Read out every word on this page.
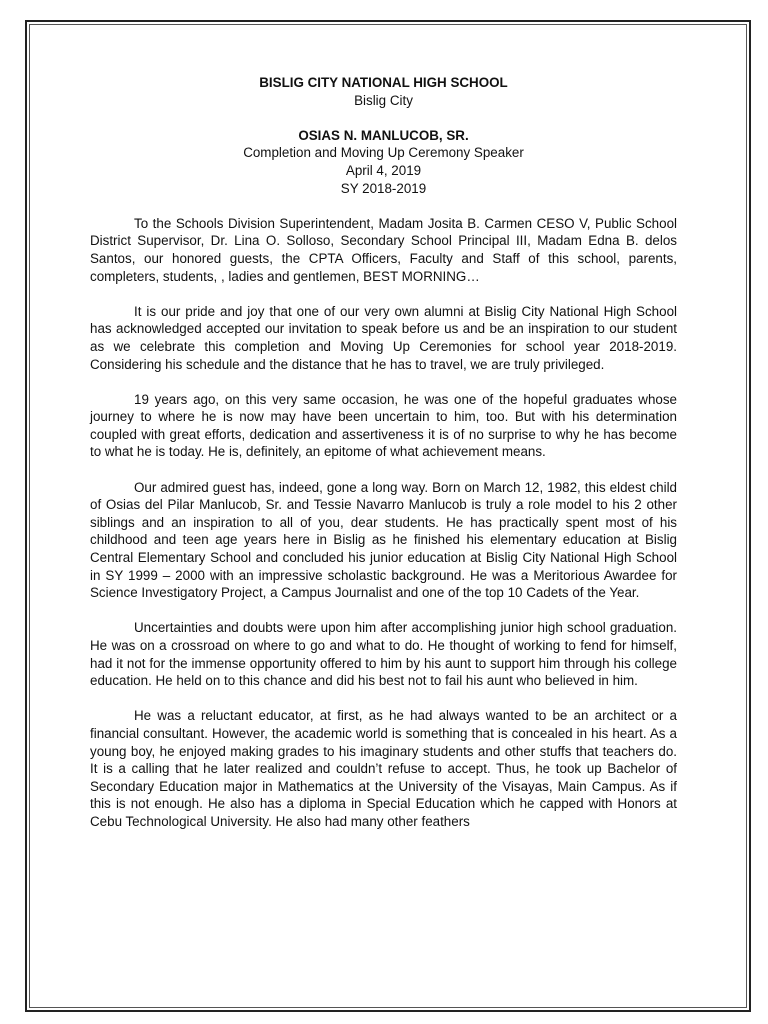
BISLIG CITY NATIONAL HIGH SCHOOL
Bislig City
OSIAS N. MANLUCOB, SR.
Completion and Moving Up Ceremony Speaker
April 4, 2019
SY 2018-2019

To the Schools Division Superintendent, Madam Josita B. Carmen CESO V, Public School District Supervisor, Dr. Lina O. Solloso, Secondary School Principal III, Madam Edna B. delos Santos, our honored guests, the CPTA Officers, Faculty and Staff of this school, parents, completers, students, , ladies and gentlemen, BEST MORNING…

It is our pride and joy that one of our very own alumni at Bislig City National High School has acknowledged accepted our invitation to speak before us and be an inspiration to our student as we celebrate this completion and Moving Up Ceremonies for school year 2018-2019. Considering his schedule and the distance that he has to travel, we are truly privileged.

19 years ago, on this very same occasion, he was one of the hopeful graduates whose journey to where he is now may have been uncertain to him, too. But with his determination coupled with great efforts, dedication and assertiveness it is of no surprise to why he has become to what he is today. He is, definitely, an epitome of what achievement means.

Our admired guest has, indeed, gone a long way. Born on March 12, 1982, this eldest child of Osias del Pilar Manlucob, Sr. and Tessie Navarro Manlucob is truly a role model to his 2 other siblings and an inspiration to all of you, dear students. He has practically spent most of his childhood and teen age years here in Bislig as he finished his elementary education at Bislig Central Elementary School and concluded his junior education at Bislig City National High School in SY 1999 – 2000 with an impressive scholastic background. He was a Meritorious Awardee for Science Investigatory Project, a Campus Journalist and one of the top 10 Cadets of the Year.

Uncertainties and doubts were upon him after accomplishing junior high school graduation. He was on a crossroad on where to go and what to do. He thought of working to fend for himself, had it not for the immense opportunity offered to him by his aunt to support him through his college education. He held on to this chance and did his best not to fail his aunt who believed in him.

He was a reluctant educator, at first, as he had always wanted to be an architect or a financial consultant. However, the academic world is something that is concealed in his heart. As a young boy, he enjoyed making grades to his imaginary students and other stuffs that teachers do. It is a calling that he later realized and couldn’t refuse to accept. Thus, he took up Bachelor of Secondary Education major in Mathematics at the University of the Visayas, Main Campus. As if this is not enough. He also has a diploma in Special Education which he capped with Honors at Cebu Technological University. He also had many other feathers
